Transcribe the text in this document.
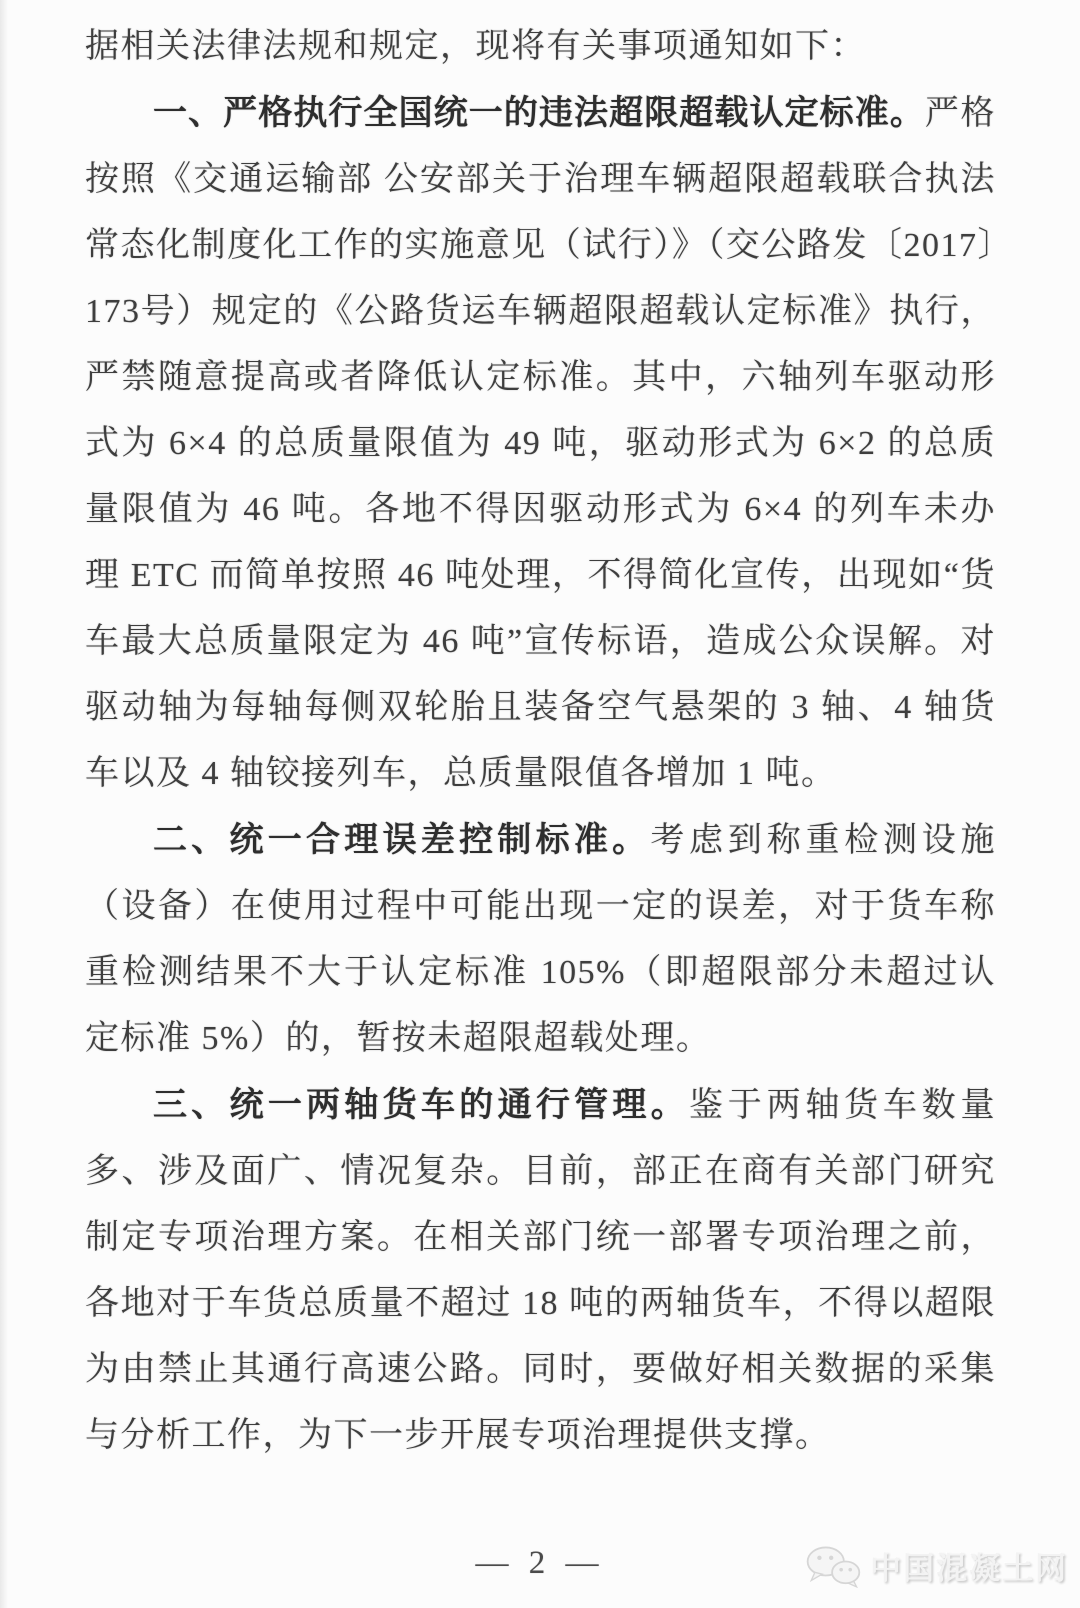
据相关法律法规和规定，现将有关事项通知如下：

一、严格执行全国统一的违法超限超载认定标准。严格按照《交通运输部 公安部关于治理车辆超限超载联合执法常态化制度化工作的实施意见（试行）》（交公路发〔2017〕173号）规定的《公路货运车辆超限超载认定标准》执行，严禁随意提高或者降低认定标准。其中，六轴列车驱动形式为 6×4 的总质量限值为 49 吨，驱动形式为 6×2 的总质量限值为 46 吨。各地不得因驱动形式为 6×4 的列车未办理 ETC 而简单按照 46 吨处理，不得简化宣传，出现如“货车最大总质量限定为 46 吨”宣传标语，造成公众误解。对驱动轴为每轴每侧双轮胎且装备空气悬架的 3 轴、4 轴货车以及 4 轴铰接列车，总质量限值各增加 1 吨。

二、统一合理误差控制标准。考虑到称重检测设施（设备）在使用过程中可能出现一定的误差，对于货车称重检测结果不大于认定标准 105%（即超限部分未超过认定标准 5%）的，暂按未超限超载处理。

三、统一两轴货车的通行管理。鉴于两轴货车数量多、涉及面广、情况复杂。目前，部正在商有关部门研究制定专项治理方案。在相关部门统一部署专项治理之前，各地对于车货总质量不超过 18 吨的两轴货车，不得以超限为由禁止其通行高速公路。同时，要做好相关数据的采集与分析工作，为下一步开展专项治理提供支撑。

— 2 —	中国混凝土网
